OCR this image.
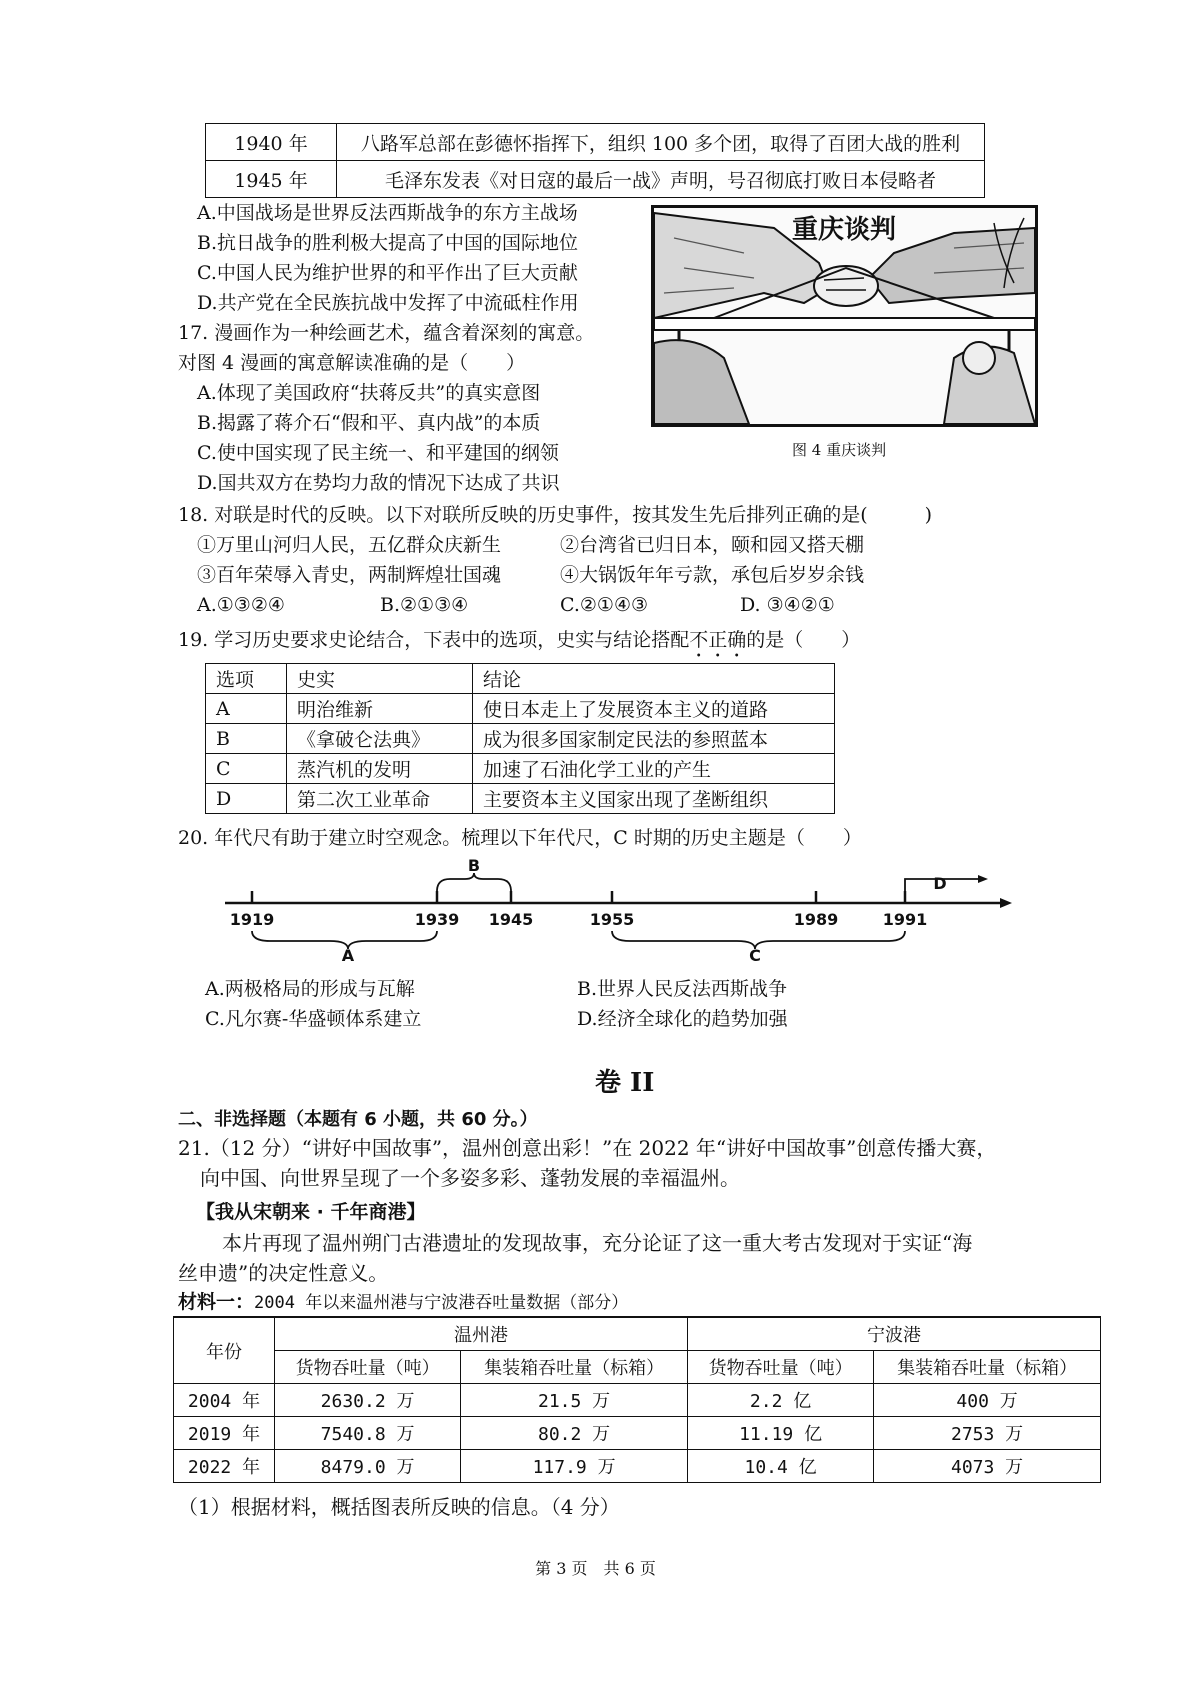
1940 年	八路军总部在彭德怀指挥下，组织 100 多个团，取得了百团大战的胜利
1945 年	毛泽东发表《对日寇的最后一战》声明，号召彻底打败日本侵略者
A.中国战场是世界反法西斯战争的东方主战场
B.抗日战争的胜利极大提高了中国的国际地位
C.中国人民为维护世界的和平作出了巨大贡献
D.共产党在全民族抗战中发挥了中流砥柱作用
重庆谈判
图 4 重庆谈判
17. 漫画作为一种绘画艺术，蕴含着深刻的寓意。
对图 4 漫画的寓意解读准确的是（　　）
A.体现了美国政府“扶蒋反共”的真实意图
B.揭露了蒋介石“假和平、真内战”的本质
C.使中国实现了民主统一、和平建国的纲领
D.国共双方在势均力敌的情况下达成了共识
18. 对联是时代的反映。以下对联所反映的历史事件，按其发生先后排列正确的是(　　　)
①万里山河归人民，五亿群众庆新生	②台湾省已归日本，颐和园又搭天棚
③百年荣辱入青史，两制辉煌壮国魂	④大锅饭年年亏款，承包后岁岁余钱
A.①③②④	B.②①③④	C.②①④③	D. ③④②①
19. 学习历史要求史论结合，下表中的选项，史实与结论搭配不正确的是（　　）
选项	史实	结论
A	明治维新	使日本走上了发展资本主义的道路
B	《拿破仑法典》	成为很多国家制定民法的参照蓝本
C	蒸汽机的发明	加速了石油化学工业的产生
D	第二次工业革命	主要资本主义国家出现了垄断组织
20. 年代尺有助于建立时空观念。梳理以下年代尺，C 时期的历史主题是（　　）
1919	1939 1945	1955	1989	1991
B
A	C
D
A.两极格局的形成与瓦解	B.世界人民反法西斯战争
C.凡尔赛-华盛顿体系建立	D.经济全球化的趋势加强
卷 II
二、非选择题（本题有 6 小题，共 60 分。）
21.（12 分）“讲好中国故事”，温州创意出彩！”在 2022 年“讲好中国故事”创意传播大赛，
向中国、向世界呈现了一个多姿多彩、蓬勃发展的幸福温州。
【我从宋朝来 · 千年商港】
本片再现了温州朔门古港遗址的发现故事，充分论证了这一重大考古发现对于实证“海
丝申遗”的决定性意义。
材料一：2004 年以来温州港与宁波港吞吐量数据（部分）
年份	温州港		宁波港	
	货物吞吐量（吨）	集装箱吞吐量（标箱）	货物吞吐量（吨）	集装箱吞吐量（标箱）
2004 年	2630.2 万	21.5 万	2.2 亿	400 万
2019 年	7540.8 万	80.2 万	11.19 亿	2753 万
2022 年	8479.0 万	117.9 万	10.4 亿	4073 万
（1）根据材料，概括图表所反映的信息。（4 分）
第 3 页　共 6 页
